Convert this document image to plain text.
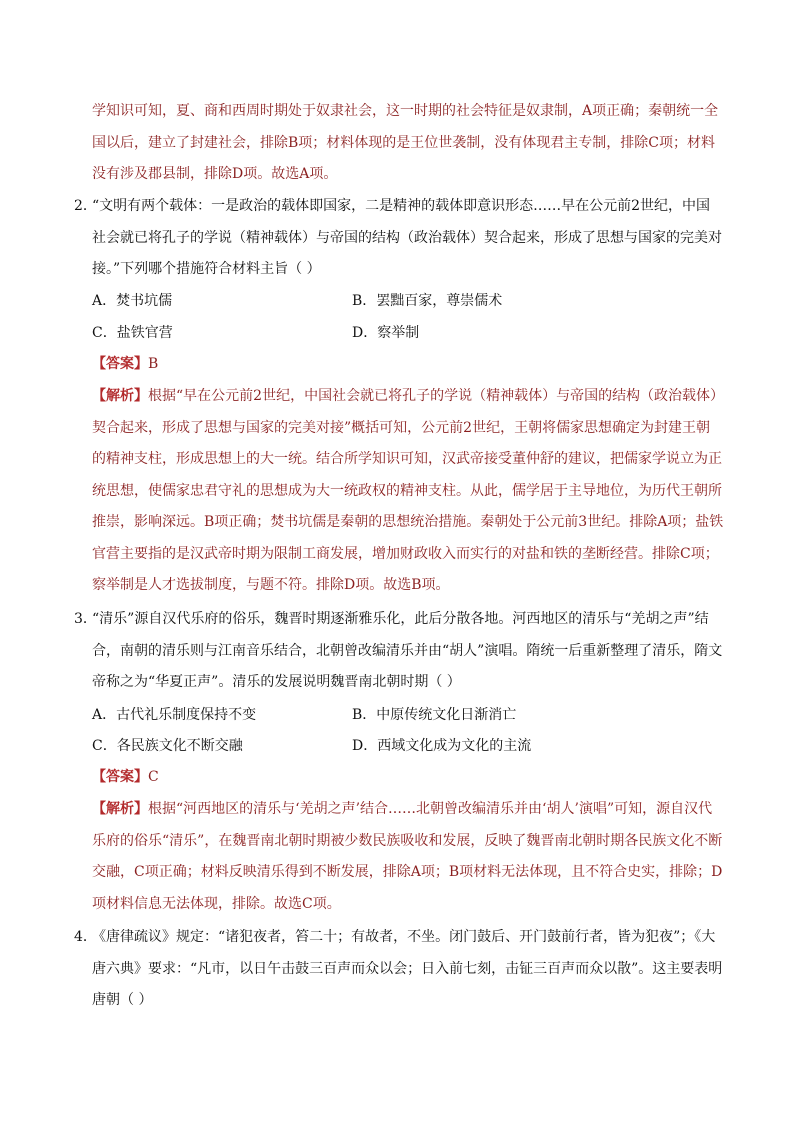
学知识可知，夏、商和西周时期处于奴隶社会，这一时期的社会特征是奴隶制，A项正确；秦朝统一全国以后，建立了封建社会，排除B项；材料体现的是王位世袭制，没有体现君主专制，排除C项；材料没有涉及郡县制，排除D项。故选A项。

2．

“文明有两个载体：一是政治的载体即国家，二是精神的载体即意识形态……早在公元前2世纪，中国社会就已将孔子的学说（精神载体）与帝国的结构（政治载体）契合起来，形成了思想与国家的完美对接。”下列哪个措施符合材料主旨（ ）

A．焚书坑儒	B．罢黜百家，尊崇儒术
C．盐铁官营	D．察举制

【答案】B

【解析】根据“早在公元前2世纪，中国社会就已将孔子的学说（精神载体）与帝国的结构（政治载体）契合起来，形成了思想与国家的完美对接”概括可知，公元前2世纪，王朝将儒家思想确定为封建王朝的精神支柱，形成思想上的大一统。结合所学知识可知，汉武帝接受董仲舒的建议，把儒家学说立为正统思想，使儒家忠君守礼的思想成为大一统政权的精神支柱。从此，儒学居于主导地位，为历代王朝所推崇，影响深远。B项正确；焚书坑儒是秦朝的思想统治措施。秦朝处于公元前3世纪。排除A项；盐铁官营主要指的是汉武帝时期为限制工商发展，增加财政收入而实行的对盐和铁的垄断经营。排除C项；察举制是人才选拔制度，与题不符。排除D项。故选B项。

3．

“清乐”源自汉代乐府的俗乐，魏晋时期逐渐雅乐化，此后分散各地。河西地区的清乐与“羌胡之声”结合，南朝的清乐则与江南音乐结合，北朝曾改编清乐并由“胡人”演唱。隋统一后重新整理了清乐，隋文帝称之为“华夏正声”。清乐的发展说明魏晋南北朝时期（ ）

A．古代礼乐制度保持不变	B．中原传统文化日渐消亡
C．各民族文化不断交融	D．西域文化成为文化的主流

【答案】C

【解析】根据“河西地区的清乐与‘羌胡之声’结合……北朝曾改编清乐并由‘胡人’演唱”可知，源自汉代乐府的俗乐“清乐”，在魏晋南北朝时期被少数民族吸收和发展，反映了魏晋南北朝时期各民族文化不断交融，C项正确；材料反映清乐得到不断发展，排除A项；B项材料无法体现，且不符合史实，排除；D项材料信息无法体现，排除。故选C项。

4．

《唐律疏议》规定：“诸犯夜者，笞二十；有故者，不坐。闭门鼓后、开门鼓前行者，皆为犯夜”；《大唐六典》要求：“凡市，以日午击鼓三百声而众以会；日入前七刻，击钲三百声而众以散”。这主要表明唐朝（ ）
